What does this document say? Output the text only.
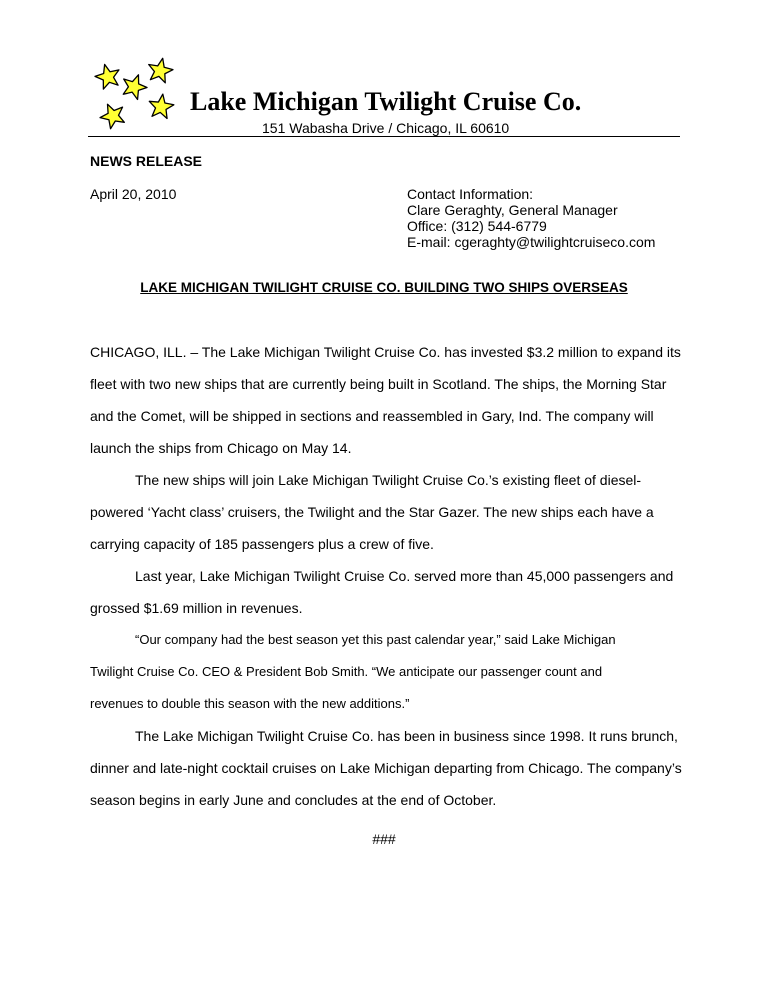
Lake Michigan Twilight Cruise Co.
151 Wabasha Drive / Chicago, IL 60610
NEWS RELEASE
April 20, 2010	Contact Information:
Clare Geraghty, General Manager
Office: (312) 544-6779
E-mail: cgeraghty@twilightcruiseco.com
LAKE MICHIGAN TWILIGHT CRUISE CO. BUILDING TWO SHIPS OVERSEAS
CHICAGO, ILL. – The Lake Michigan Twilight Cruise Co. has invested $3.2 million to expand its
fleet with two new ships that are currently being built in Scotland. The ships, the Morning Star
and the Comet, will be shipped in sections and reassembled in Gary, Ind. The company will
launch the ships from Chicago on May 14.
The new ships will join Lake Michigan Twilight Cruise Co.’s existing fleet of diesel-
powered ‘Yacht class’ cruisers, the Twilight and the Star Gazer. The new ships each have a
carrying capacity of 185 passengers plus a crew of five.
Last year, Lake Michigan Twilight Cruise Co. served more than 45,000 passengers and
grossed $1.69 million in revenues.
“Our company had the best season yet this past calendar year,” said Lake Michigan
Twilight Cruise Co. CEO & President Bob Smith. “We anticipate our passenger count and
revenues to double this season with the new additions.”
The Lake Michigan Twilight Cruise Co. has been in business since 1998. It runs brunch,
dinner and late-night cocktail cruises on Lake Michigan departing from Chicago. The company’s
season begins in early June and concludes at the end of October.
###
